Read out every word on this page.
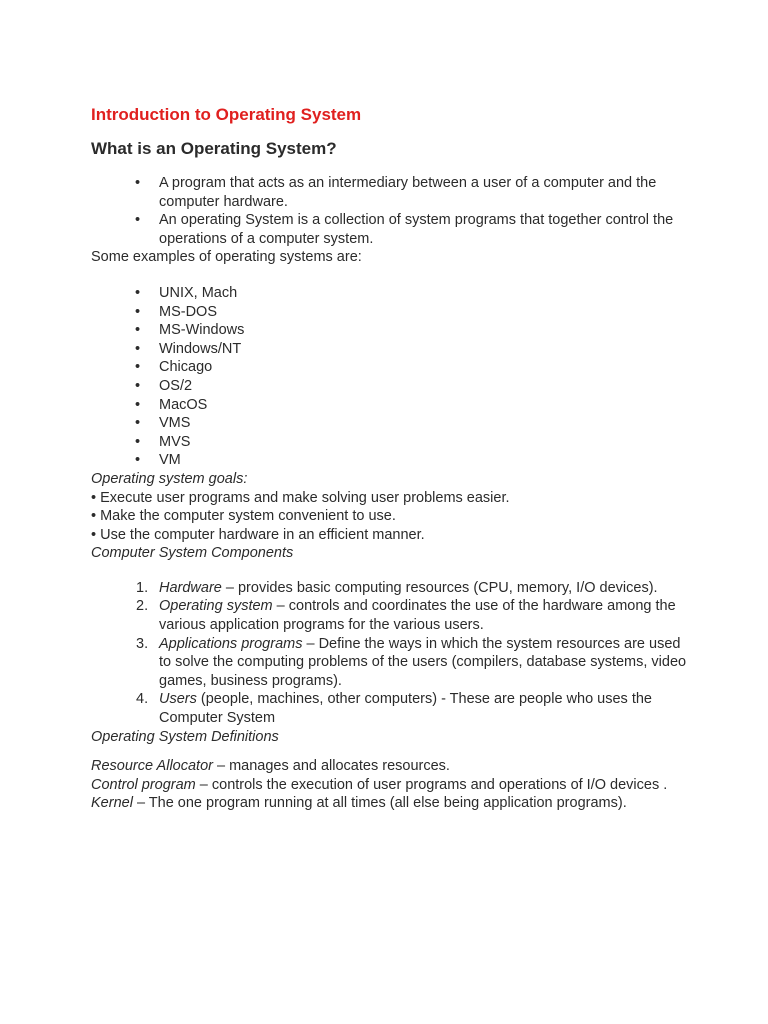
Introduction to Operating System
What is an Operating System?
• A program that acts as an intermediary between a user of a computer and the computer hardware.
• An operating System is a collection of system programs that together control the operations of a computer system.

Some examples of operating systems are:

• UNIX, Mach
• MS-DOS
• MS-Windows
• Windows/NT
• Chicago
• OS/2
• MacOS
• VMS
• MVS
• VM

Operating system goals:

• Execute user programs and make solving user problems easier.

• Make the computer system convenient to use.

• Use the computer hardware in an efficient manner.

Computer System Components

1. Hardware – provides basic computing resources (CPU, memory, I/O devices).
2. Operating system – controls and coordinates the use of the hardware among the various application programs for the various users.
3. Applications programs – Define the ways in which the system resources are used to solve the computing problems of the users (compilers, database systems, video games, business programs).
4. Users (people, machines, other computers) - These are people who uses the Computer System

Operating System Definitions

Resource Allocator – manages and allocates resources.

Control program – controls the execution of user programs and operations of I/O devices .

Kernel – The one program running at all times (all else being application programs).
